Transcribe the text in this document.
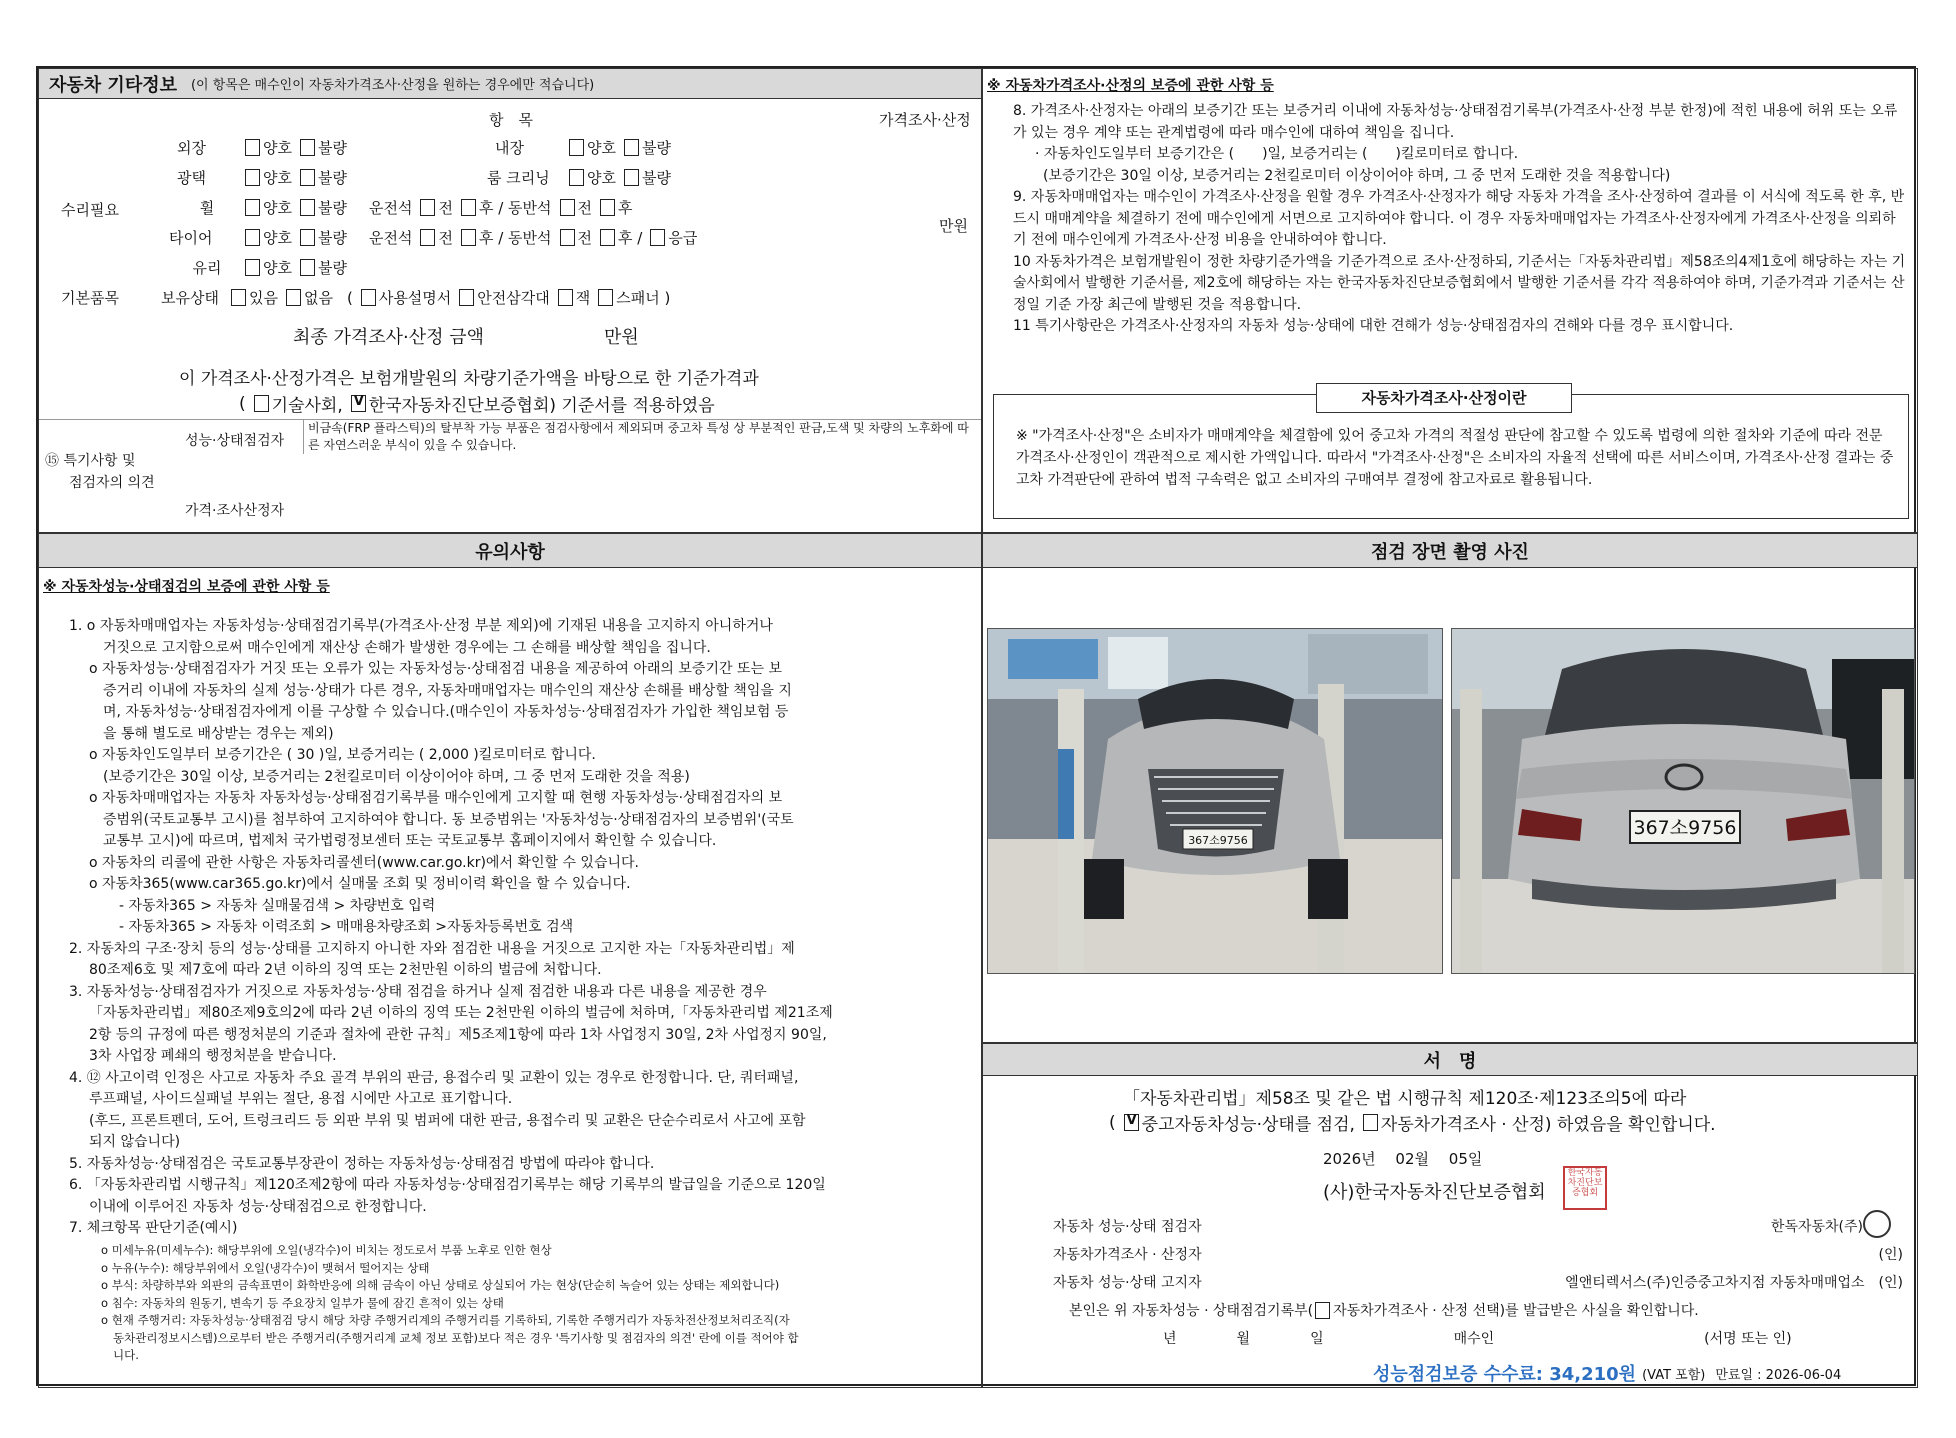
자동차 기타정보 (이 항목은 매수인이 자동차가격조사·산정을 원하는 경우에만 적습니다)
항　목	가격조사·산정
수리필요
만원
외장	양호 불량	내장	양호 불량
광택	양호 불량	룸 크리닝	양호 불량
휠	양호 불량 운전석 전 후 / 동반석 전 후
타이어	양호 불량 운전석 전 후 / 동반석 전 후 / 응급
유리	양호 불량
기본품목	보유상태 있음 없음 ( 사용설명서 안전삼각대 잭 스패너 )
최종 가격조사·산정 금액	만원
이 가격조사·산정가격은 보험개발원의 차량기준가액을 바탕으로 한 기준가격과
( 기술사회, V 한국자동차진단보증협회) 기준서를 적용하였음
⑮ 특기사항 및
점검자의 의견
성능·상태점검자
비금속(FRP 플라스틱)의 탈부착 가능 부품은 점검사항에서 제외되며 중고차 특성 상 부분적인 판금,도색 및 차량의 노후화에 따른 자연스러운 부식이 있을 수 있습니다.
가격·조사산정자
※ 자동차가격조사·산정의 보증에 관한 사항 등

8. 가격조사·산정자는 아래의 보증기간 또는 보증거리 이내에 자동차성능·상태점검기록부(가격조사·산정 부분 한정)에 적힌 내용에 허위 또는 오류가 있는 경우 계약 또는 관계법령에 따라 매수인에 대하여 책임을 집니다.

· 자동차인도일부터 보증기간은 (　　)일, 보증거리는 (　　)킬로미터로 합니다.

(보증기간은 30일 이상, 보증거리는 2천킬로미터 이상이어야 하며, 그 중 먼저 도래한 것을 적용합니다)

9. 자동차매매업자는 매수인이 가격조사·산정을 원할 경우 가격조사·산정자가 해당 자동차 가격을 조사·산정하여 결과를 이 서식에 적도록 한 후, 반드시 매매계약을 체결하기 전에 매수인에게 서면으로 고지하여야 합니다. 이 경우 자동차매매업자는 가격조사·산정자에게 가격조사·산정을 의뢰하기 전에 매수인에게 가격조사·산정 비용을 안내하여야 합니다.

10 자동차가격은 보험개발원이 정한 차량기준가액을 기준가격으로 조사·산정하되, 기준서는「자동차관리법」제58조의4제1호에 해당하는 자는 기술사회에서 발행한 기준서를, 제2호에 해당하는 자는 한국자동차진단보증협회에서 발행한 기준서를 각각 적용하여야 하며, 기준가격과 기준서는 산정일 기준 가장 최근에 발행된 것을 적용합니다.

11 특기사항란은 가격조사·산정자의 자동차 성능·상태에 대한 견해가 성능·상태점검자의 견해와 다를 경우 표시합니다.

자동차가격조사·산정이란
※ "가격조사·산정"은 소비자가 매매계약을 체결함에 있어 중고차 가격의 적절성 판단에 참고할 수 있도록 법령에 의한 절차와 기준에 따라 전문 가격조사·산정인이 객관적으로 제시한 가액입니다. 따라서 "가격조사·산정"은 소비자의 자율적 선택에 따른 서비스이며, 가격조사·산정 결과는 중고차 가격판단에 관하여 법적 구속력은 없고 소비자의 구매여부 결정에 참고자료로 활용됩니다.
유의사항
※ 자동차성능·상태점검의 보증에 관한 사항 등

1. ο 자동차매매업자는 자동차성능·상태점검기록부(가격조사·산정 부분 제외)에 기재된 내용을 고지하지 아니하거나

거짓으로 고지함으로써 매수인에게 재산상 손해가 발생한 경우에는 그 손해를 배상할 책임을 집니다.

ο 자동차성능·상태점검자가 거짓 또는 오류가 있는 자동차성능·상태점검 내용을 제공하여 아래의 보증기간 또는 보

증거리 이내에 자동차의 실제 성능·상태가 다른 경우, 자동차매매업자는 매수인의 재산상 손해를 배상할 책임을 지

며, 자동차성능·상태점검자에게 이를 구상할 수 있습니다.(매수인이 자동차성능·상태점검자가 가입한 책임보험 등

을 통해 별도로 배상받는 경우는 제외)

ο 자동차인도일부터 보증기간은 ( 30 )일, 보증거리는 ( 2,000 )킬로미터로 합니다.

(보증기간은 30일 이상, 보증거리는 2천킬로미터 이상이어야 하며, 그 중 먼저 도래한 것을 적용)

ο 자동차매매업자는 자동차 자동차성능·상태점검기록부를 매수인에게 고지할 때 현행 자동차성능·상태점검자의 보

증범위(국토교통부 고시)를 첨부하여 고지하여야 합니다. 동 보증범위는 '자동차성능·상태점검자의 보증범위'(국토

교통부 고시)에 따르며, 법제처 국가법령정보센터 또는 국토교통부 홈페이지에서 확인할 수 있습니다.

ο 자동차의 리콜에 관한 사항은 자동차리콜센터(www.car.go.kr)에서 확인할 수 있습니다.

ο 자동차365(www.car365.go.kr)에서 실매물 조회 및 정비이력 확인을 할 수 있습니다.

- 자동차365 > 자동차 실매물검색 > 차량번호 입력

- 자동차365 > 자동차 이력조회 > 매매용차량조회 >자동차등록번호 검색

2. 자동차의 구조·장치 등의 성능·상태를 고지하지 아니한 자와 점검한 내용을 거짓으로 고지한 자는「자동차관리법」제

80조제6호 및 제7호에 따라 2년 이하의 징역 또는 2천만원 이하의 벌금에 처합니다.

3. 자동차성능·상태점검자가 거짓으로 자동차성능·상태 점검을 하거나 실제 점검한 내용과 다른 내용을 제공한 경우

「자동차관리법」제80조제9호의2에 따라 2년 이하의 징역 또는 2천만원 이하의 벌금에 처하며,「자동차관리법 제21조제

2항 등의 규정에 따른 행정처분의 기준과 절차에 관한 규칙」제5조제1항에 따라 1차 사업정지 30일, 2차 사업정지 90일,

3차 사업장 폐쇄의 행정처분을 받습니다.

4. ⑫ 사고이력 인정은 사고로 자동차 주요 골격 부위의 판금, 용접수리 및 교환이 있는 경우로 한정합니다. 단, 쿼터패널,

루프패널, 사이드실패널 부위는 절단, 용접 시에만 사고로 표기합니다.

(후드, 프론트펜더, 도어, 트렁크리드 등 외판 부위 및 범퍼에 대한 판금, 용접수리 및 교환은 단순수리로서 사고에 포함

되지 않습니다)

5. 자동차성능·상태점검은 국토교통부장관이 정하는 자동차성능·상태점검 방법에 따라야 합니다.

6. 「자동차관리법 시행규칙」제120조제2항에 따라 자동차성능·상태점검기록부는 해당 기록부의 발급일을 기준으로 120일

이내에 이루어진 자동차 성능·상태점검으로 한정합니다.

7. 체크항목 판단기준(예시)

ο 미세누유(미세누수): 해당부위에 오일(냉각수)이 비치는 정도로서 부품 노후로 인한 현상

ο 누유(누수): 해당부위에서 오일(냉각수)이 맺혀서 떨어지는 상태

ο 부식: 차량하부와 외판의 금속표면이 화학반응에 의해 금속이 아닌 상태로 상실되어 가는 현상(단순히 녹슬어 있는 상태는 제외합니다)

ο 침수: 자동차의 원동기, 변속기 등 주요장치 일부가 물에 잠긴 흔적이 있는 상태

ο 현재 주행거리: 자동차성능·상태점검 당시 해당 차량 주행거리계의 주행거리를 기록하되, 기록한 주행거리가 자동차전산정보처리조직(자

동차관리정보시스템)으로부터 받은 주행거리(주행거리계 교체 정보 포함)보다 적은 경우 '특기사항 및 점검자의 의견' 란에 이를 적어야 합

니다.

점검 장면 촬영 사진
367소9756
367소9756
서　명
「자동차관리법」제58조 및 같은 법 시행규칙 제120조·제123조의5에 따라
( V 중고자동차성능·상태를 점검, 자동차가격조사 · 산정) 하였음을 확인합니다.
2026년　 02월　 05일
(사)한국자동차진단보증협회
한국자동차진단보증협회
자동차 성능·상태 점검자	한독자동차(주)
자동차가격조사 · 산정자	(인)
자동차 성능·상태 고지자	엘앤티렉서스(주)인증중고차지점 자동차매매업소　(인)
본인은 위 자동차성능 · 상태점검기록부( 자동차가격조사 · 산정 선택)를 발급받은 사실을 확인합니다.
년	월	일	매수인	(서명 또는 인)
성능점검보증 수수료: 34,210원 (VAT 포함) 만료일 : 2026-06-04
